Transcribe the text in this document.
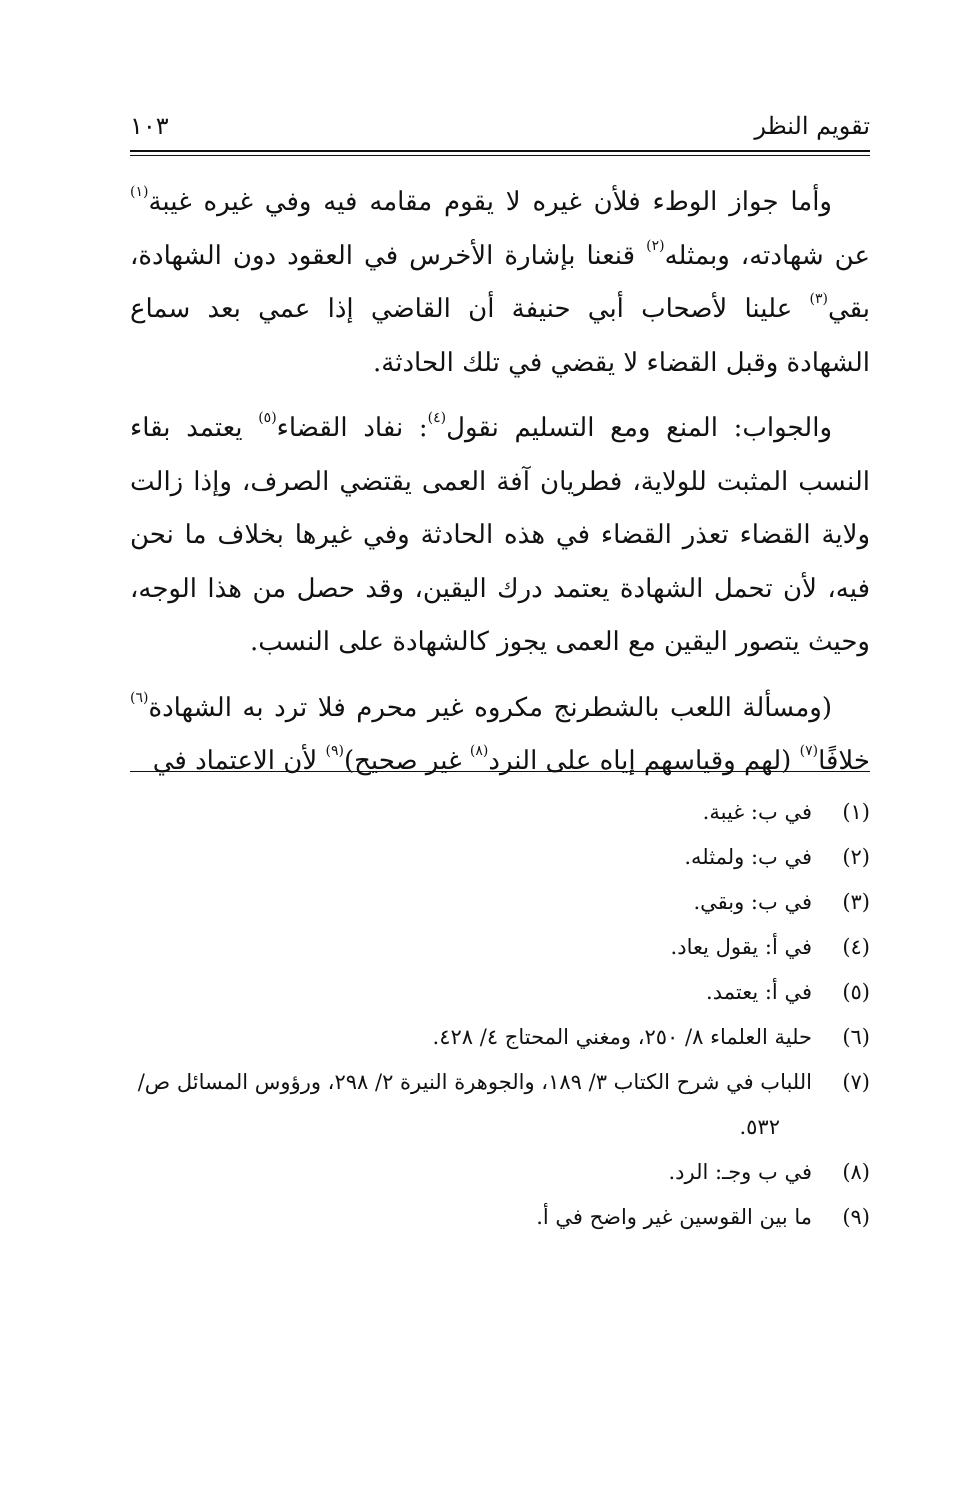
تقويم النظر
١٠٣

وأما جواز الوطء فلأن غيره لا يقوم مقامه فيه وفي غيره غيبة$^{(١)}$ عن شهادته، وبمثله$^{(٢)}$ قنعنا بإشارة الأخرس في العقود دون الشهادة، بقي$^{(٣)}$ علينا لأصحاب أبي حنيفة أن القاضي إذا عمي بعد سماع الشهادة وقبل القضاء لا يقضي في تلك الحادثة.

والجواب: المنع ومع التسليم نقول$^{(٤)}$: نفاد القضاء$^{(٥)}$ يعتمد بقاء النسب المثبت للولاية، فطريان آفة العمى يقتضي الصرف، وإذا زالت ولاية القضاء تعذر القضاء في هذه الحادثة وفي غيرها بخلاف ما نحن فيه، لأن تحمل الشهادة يعتمد درك اليقين، وقد حصل من هذا الوجه، وحيث يتصور اليقين مع العمى يجوز كالشهادة على النسب.

(ومسألة اللعب بالشطرنج مكروه غير محرم فلا ترد به الشهادة$^{(٦)}$ خلافًا$^{(٧)}$ (لهم وقياسهم إياه على النرد$^{(٨)}$ غير صحيح)$^{(٩)}$ لأن الاعتماد في

(١)في ب: غيبة.
(٢)في ب: ولمثله.
(٣)في ب: وبقي.
(٤)في أ: يقول يعاد.
(٥)في أ: يعتمد.
(٦)حلية العلماء ٨/ ٢٥٠، ومغني المحتاج ٤/ ٤٢٨.
(٧)اللباب في شرح الكتاب ٣/ ١٨٩، والجوهرة النيرة ٢/ ٢٩٨، ورؤوس المسائل ص/ ٥٣٢.
(٨)في ب وجـ: الرد.
(٩)ما بين القوسين غير واضح في أ.
